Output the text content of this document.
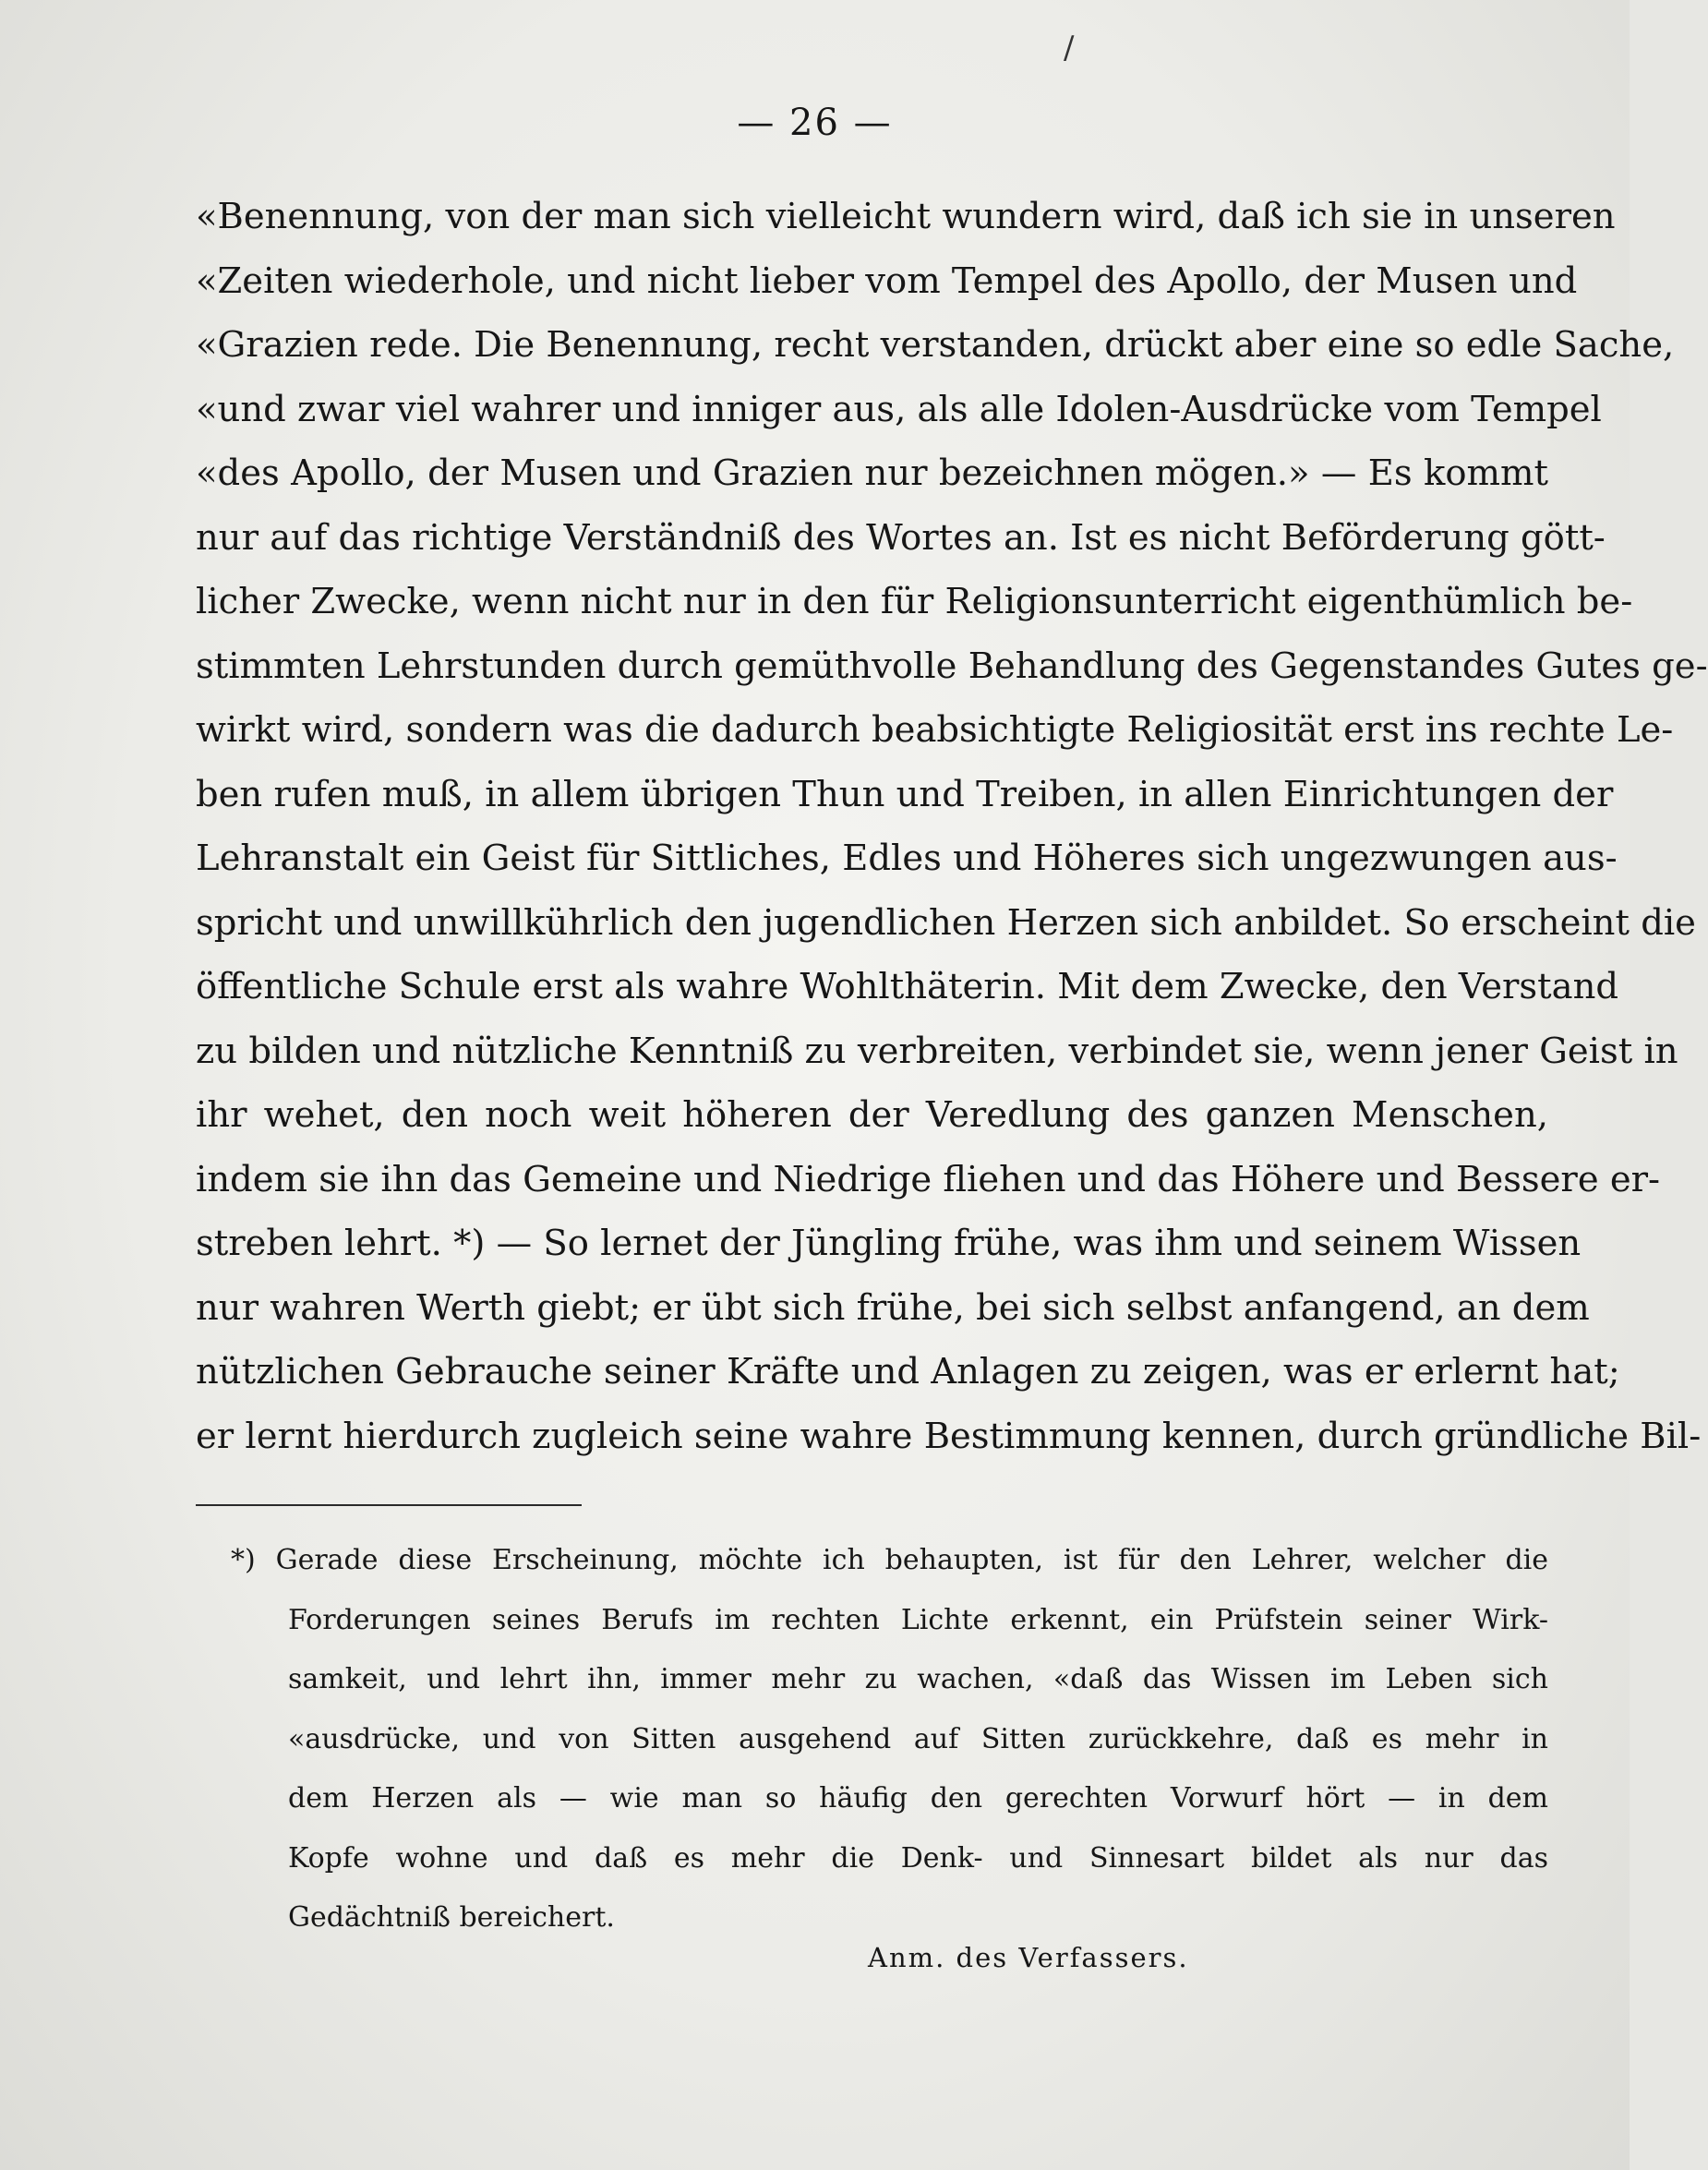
/
— 26 —
«Benennung, von der man sich vielleicht wundern wird, daß ich sie in unseren
«Zeiten wiederhole, und nicht lieber vom Tempel des Apollo, der Musen und
«Grazien rede. Die Benennung, recht verstanden, drückt aber eine so edle Sache,
«und zwar viel wahrer und inniger aus, als alle Idolen-Ausdrücke vom Tempel
«des Apollo, der Musen und Grazien nur bezeichnen mögen.» — Es kommt
nur auf das richtige Verständniß des Wortes an. Ist es nicht Beförderung gött-
licher Zwecke, wenn nicht nur in den für Religionsunterricht eigenthümlich be-
stimmten Lehrstunden durch gemüthvolle Behandlung des Gegenstandes Gutes ge-
wirkt wird, sondern was die dadurch beabsichtigte Religiosität erst ins rechte Le-
ben rufen muß, in allem übrigen Thun und Treiben, in allen Einrichtungen der
Lehranstalt ein Geist für Sittliches, Edles und Höheres sich ungezwungen aus-
spricht und unwillkührlich den jugendlichen Herzen sich anbildet. So erscheint die
öffentliche Schule erst als wahre Wohlthäterin. Mit dem Zwecke, den Verstand
zu bilden und nützliche Kenntniß zu verbreiten, verbindet sie, wenn jener Geist in
ihr wehet, den noch weit höheren der Veredlung des ganzen Menschen,
indem sie ihn das Gemeine und Niedrige fliehen und das Höhere und Bessere er-
streben lehrt. *) — So lernet der Jüngling frühe, was ihm und seinem Wissen
nur wahren Werth giebt; er übt sich frühe, bei sich selbst anfangend, an dem
nützlichen Gebrauche seiner Kräfte und Anlagen zu zeigen, was er erlernt hat;
er lernt hierdurch zugleich seine wahre Bestimmung kennen, durch gründliche Bil-
*) Gerade diese Erscheinung, möchte ich behaupten, ist für den Lehrer, welcher die
Forderungen seines Berufs im rechten Lichte erkennt, ein Prüfstein seiner Wirk-
samkeit, und lehrt ihn, immer mehr zu wachen, «daß das Wissen im Leben sich
«ausdrücke, und von Sitten ausgehend auf Sitten zurückkehre, daß es mehr in
dem Herzen als — wie man so häufig den gerechten Vorwurf hört — in dem
Kopfe wohne und daß es mehr die Denk- und Sinnesart bildet als nur das
Gedächtniß bereichert.
Anm. des Verfassers.
